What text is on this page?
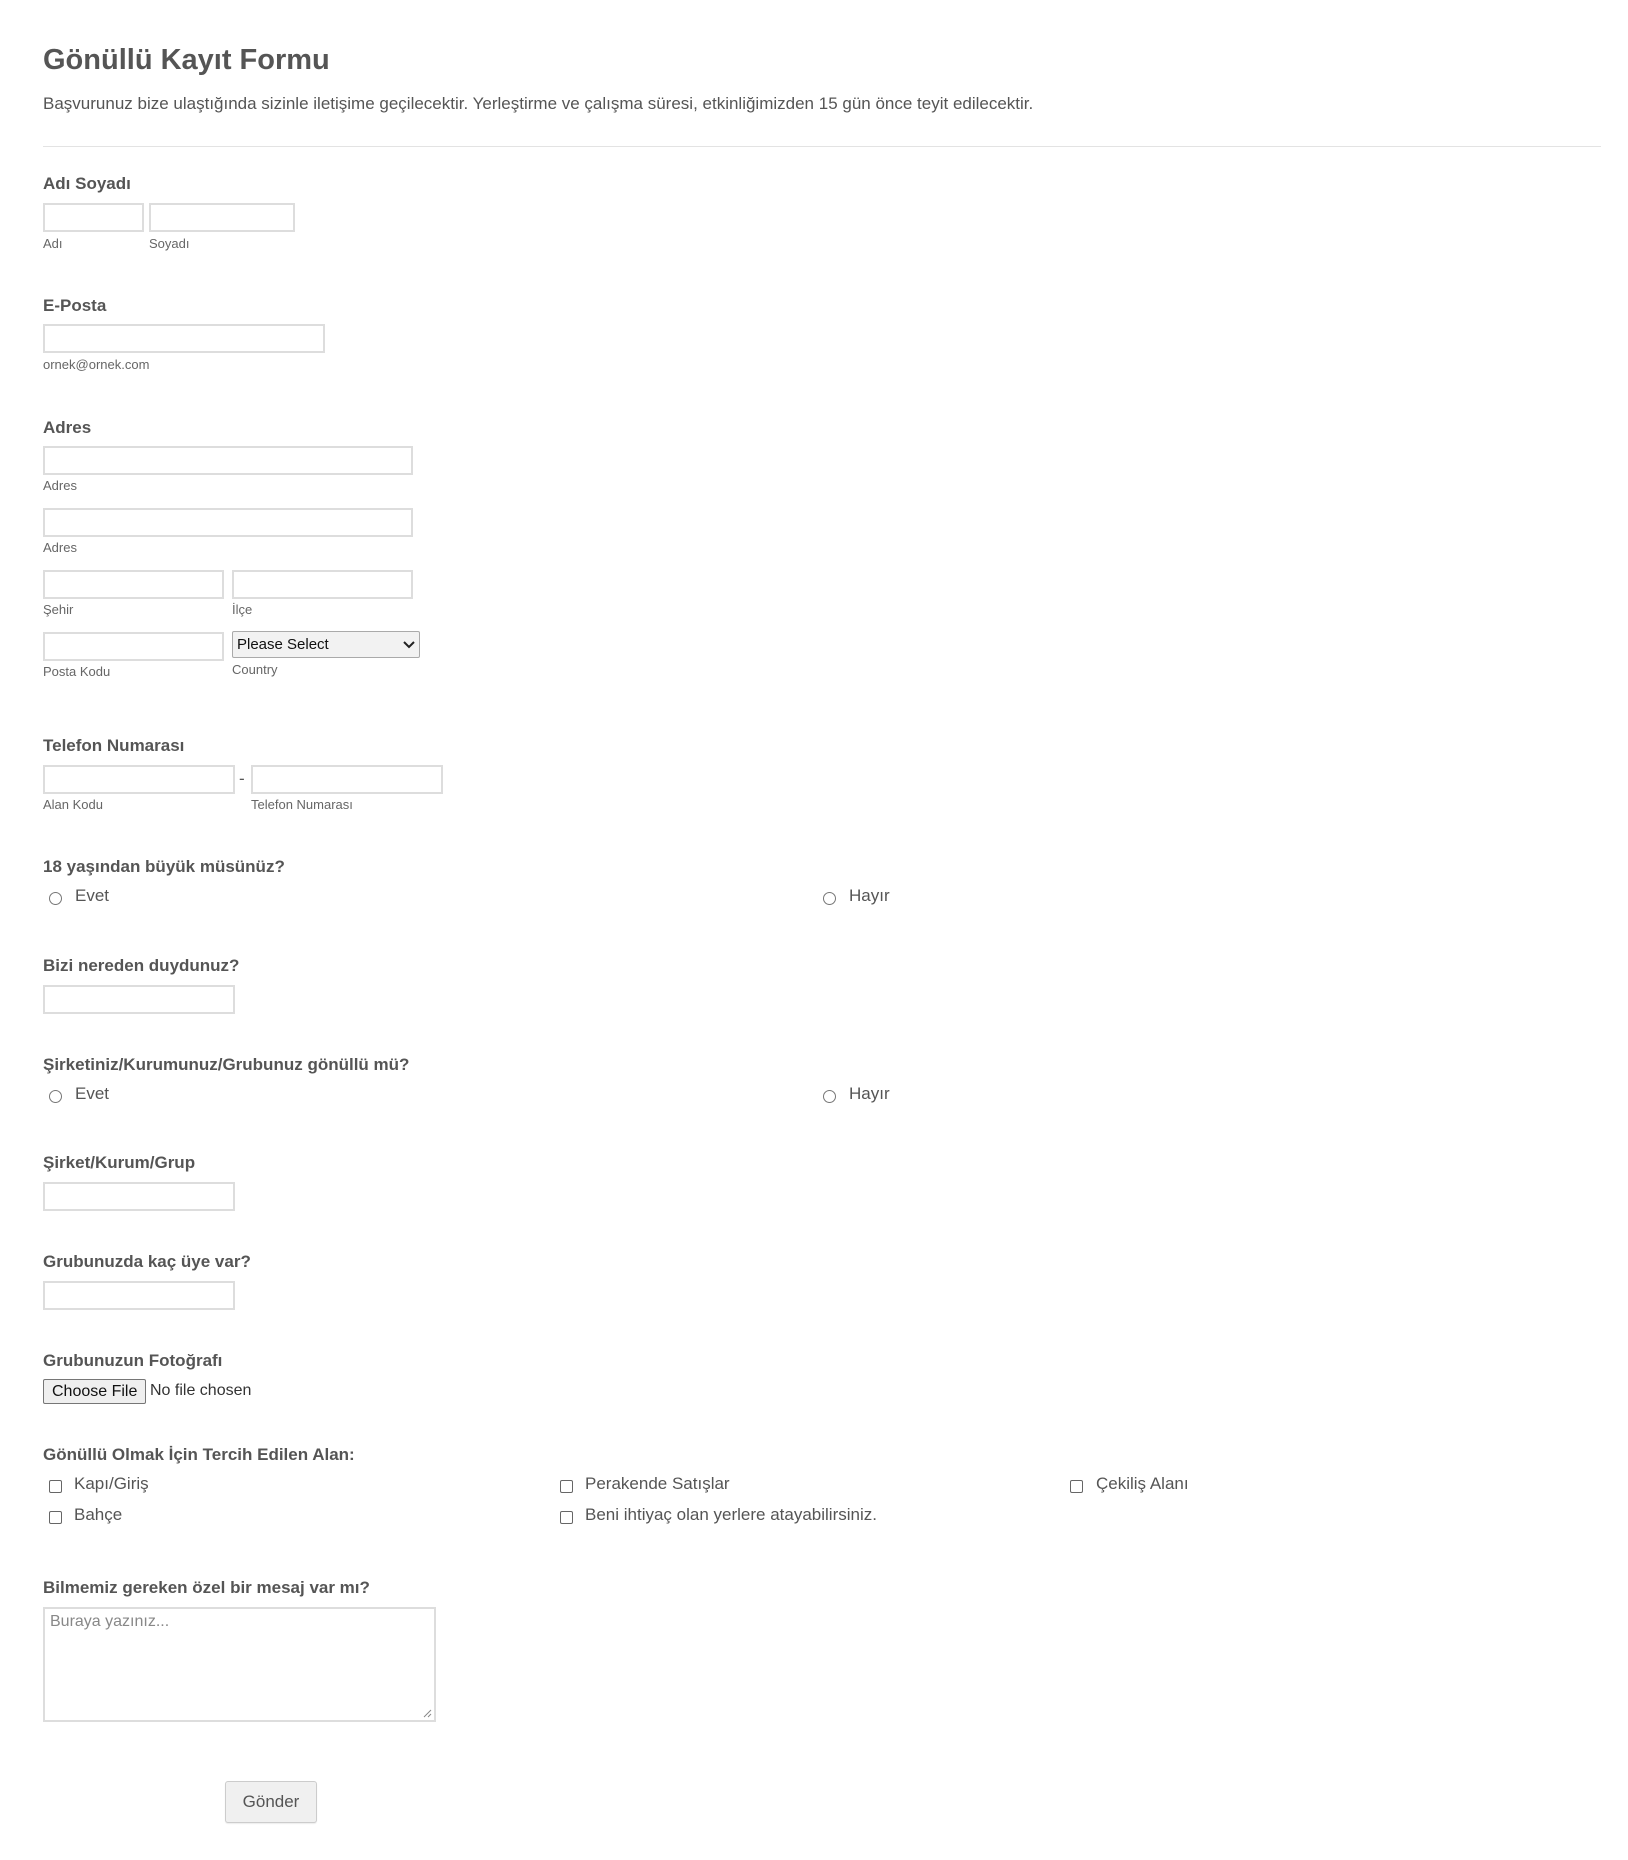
Gönüllü Kayıt Formu
Başvurunuz bize ulaştığında sizinle iletişime geçilecektir. Yerleştirme ve çalışma süresi, etkinliğimizden 15 gün önce teyit edilecektir.
Adı Soyadı
Adı	Soyadı
E-Posta
ornek@ornek.com
Adres
Adres
Adres
Şehir	İlçe
Please Select
Posta Kodu	Country
Telefon Numarası
-
Alan Kodu	Telefon Numarası
18 yaşından büyük müsünüz?
Evet	Hayır
Bizi nereden duydunuz?
Şirketiniz/Kurumunuz/Grubunuz gönüllü mü?
Evet	Hayır
Şirket/Kurum/Grup
Grubunuzda kaç üye var?
Grubunuzun Fotoğrafı
Choose File No file chosen
Gönüllü Olmak İçin Tercih Edilen Alan:
Kapı/Giriş	Perakende Satışlar	Çekiliş Alanı
Bahçe	Beni ihtiyaç olan yerlere atayabilirsiniz.
Bilmemiz gereken özel bir mesaj var mı?
Buraya yazınız...
Gönder
